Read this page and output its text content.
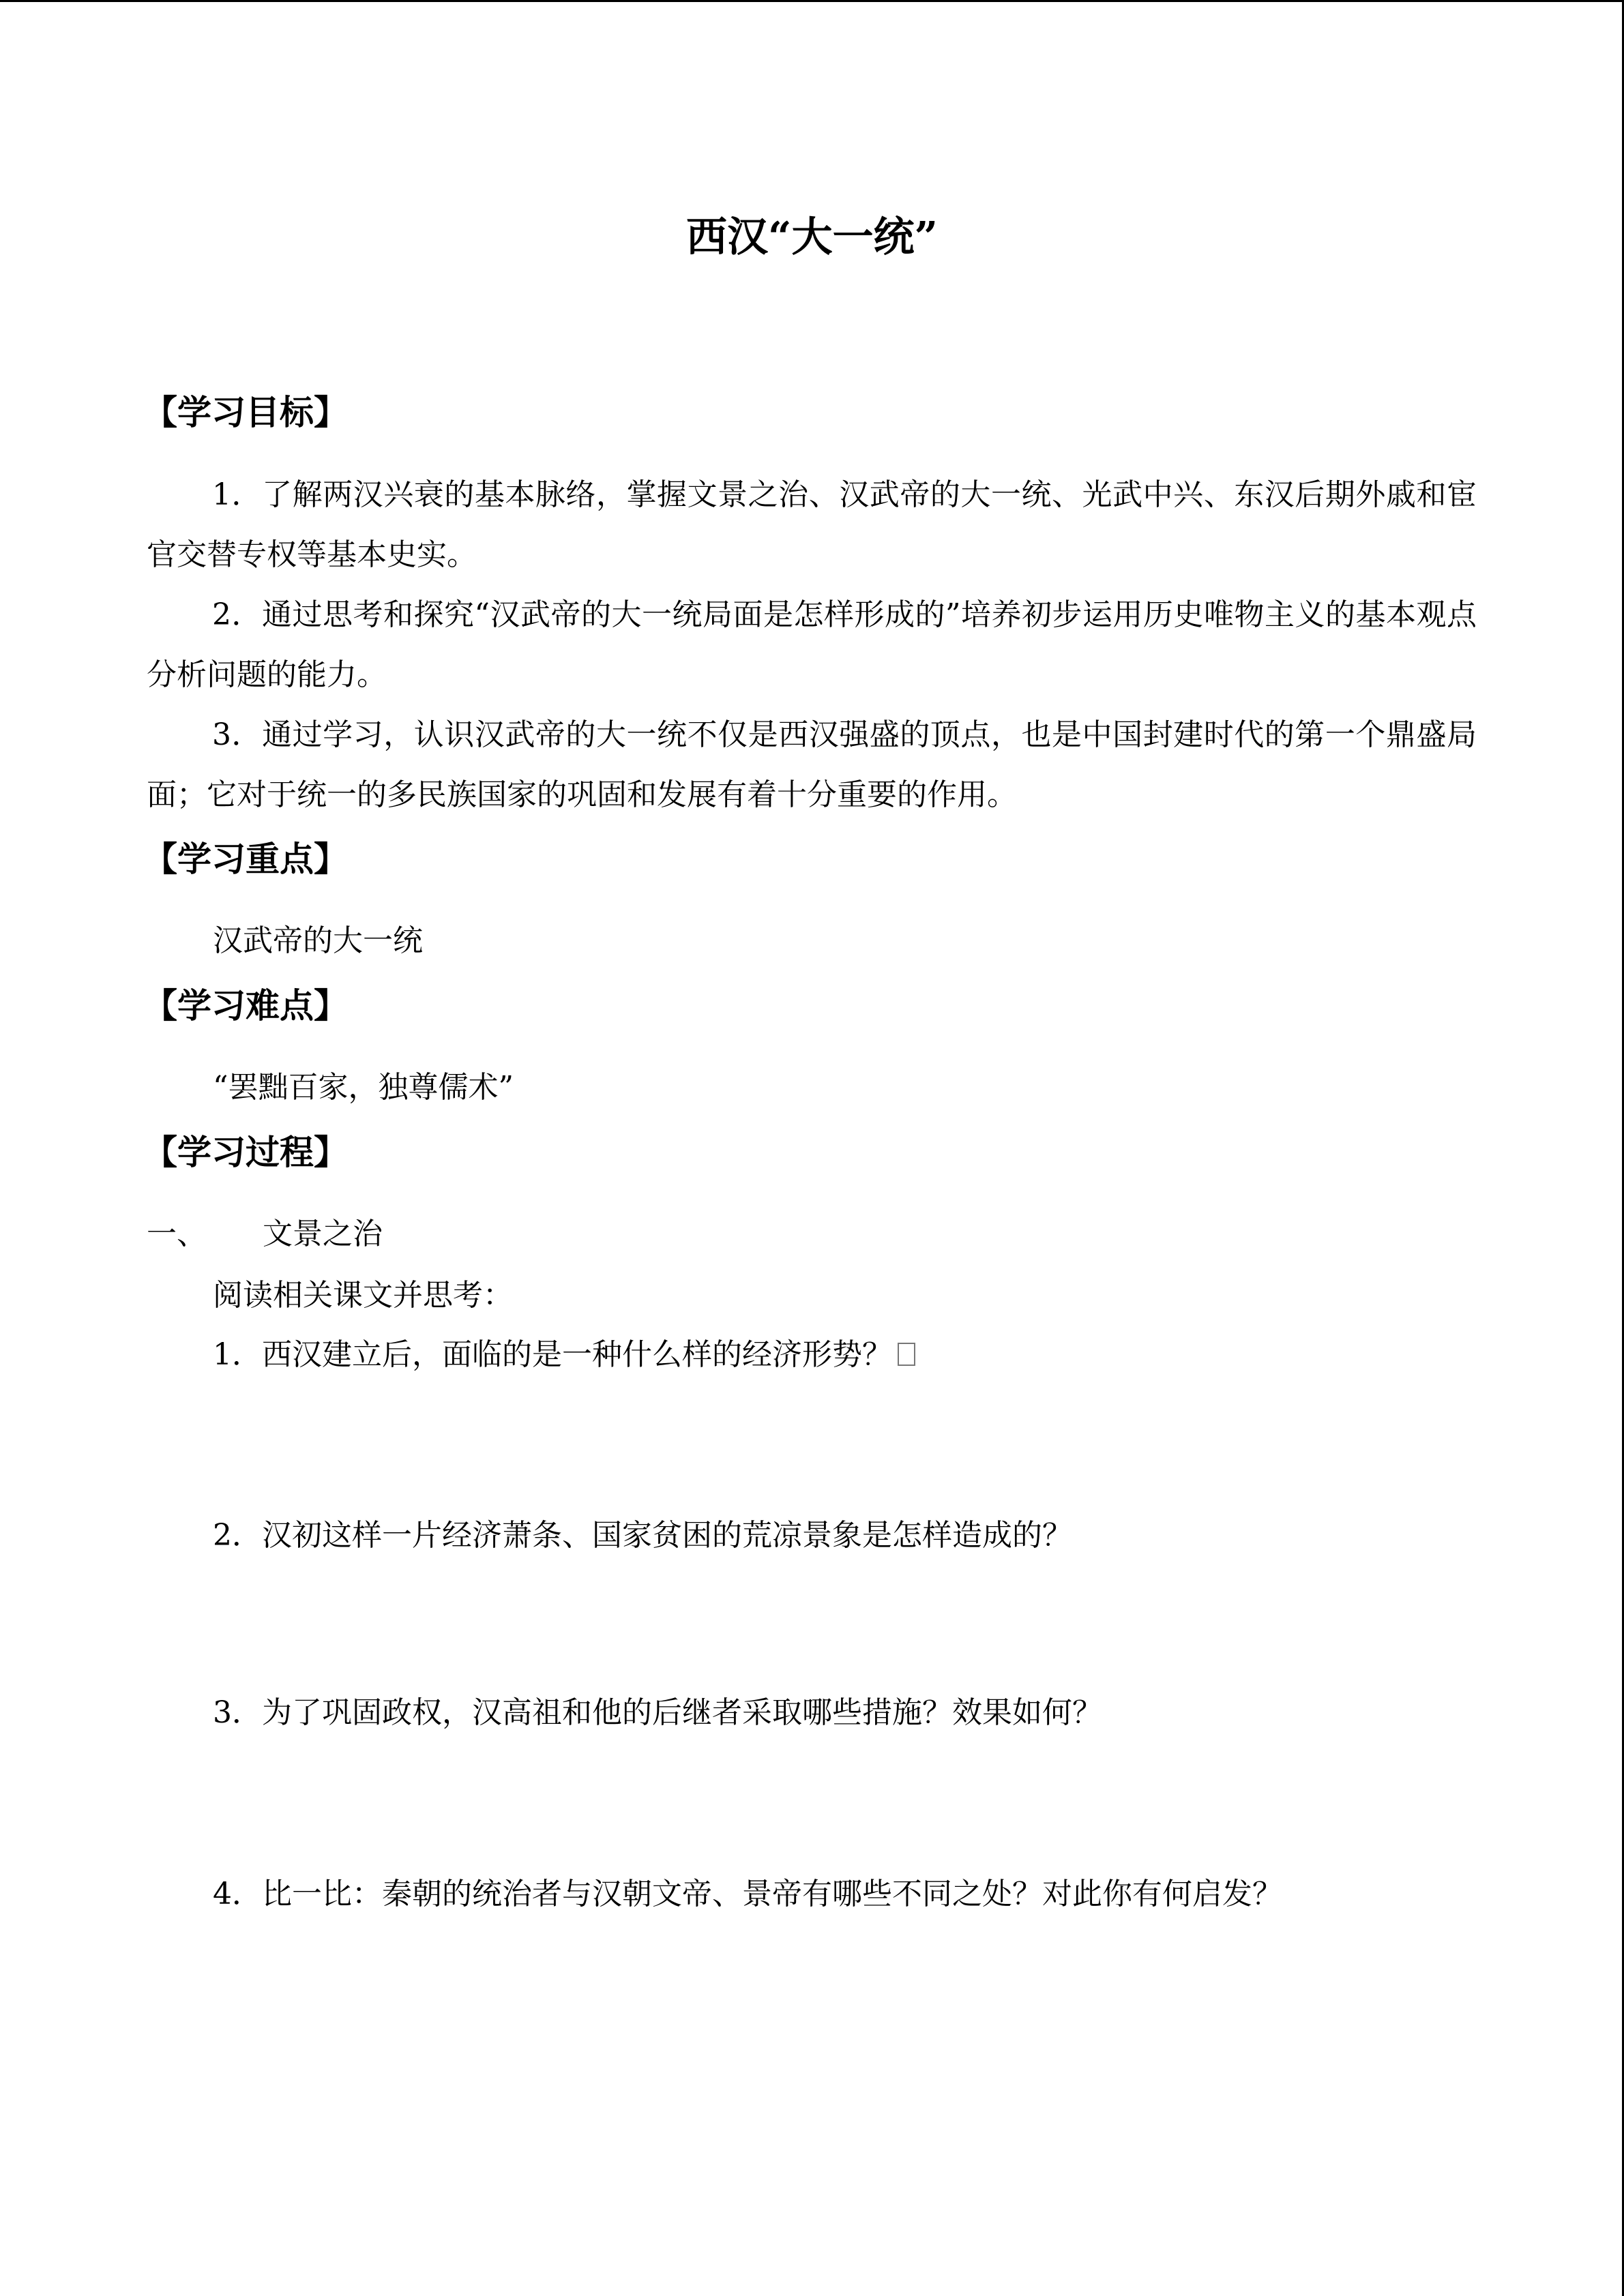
西汉“大一统”
【学习目标】

1．了解两汉兴衰的基本脉络，掌握文景之治、汉武帝的大一统、光武中兴、东汉后期外戚和宦官交替专权等基本史实。

2．通过思考和探究“汉武帝的大一统局面是怎样形成的”培养初步运用历史唯物主义的基本观点分析问题的能力。

3．通过学习，认识汉武帝的大一统不仅是西汉强盛的顶点，也是中国封建时代的第一个鼎盛局面；它对于统一的多民族国家的巩固和发展有着十分重要的作用。

【学习重点】
汉武帝的大一统
【学习难点】
“罢黜百家，独尊儒术”
【学习过程】
一、 文景之治
阅读相关课文并思考：
1．西汉建立后，面临的是一种什么样的经济形势？
2．汉初这样一片经济萧条、国家贫困的荒凉景象是怎样造成的？
3．为了巩固政权，汉高祖和他的后继者采取哪些措施？效果如何？
4．比一比：秦朝的统治者与汉朝文帝、景帝有哪些不同之处？对此你有何启发？
